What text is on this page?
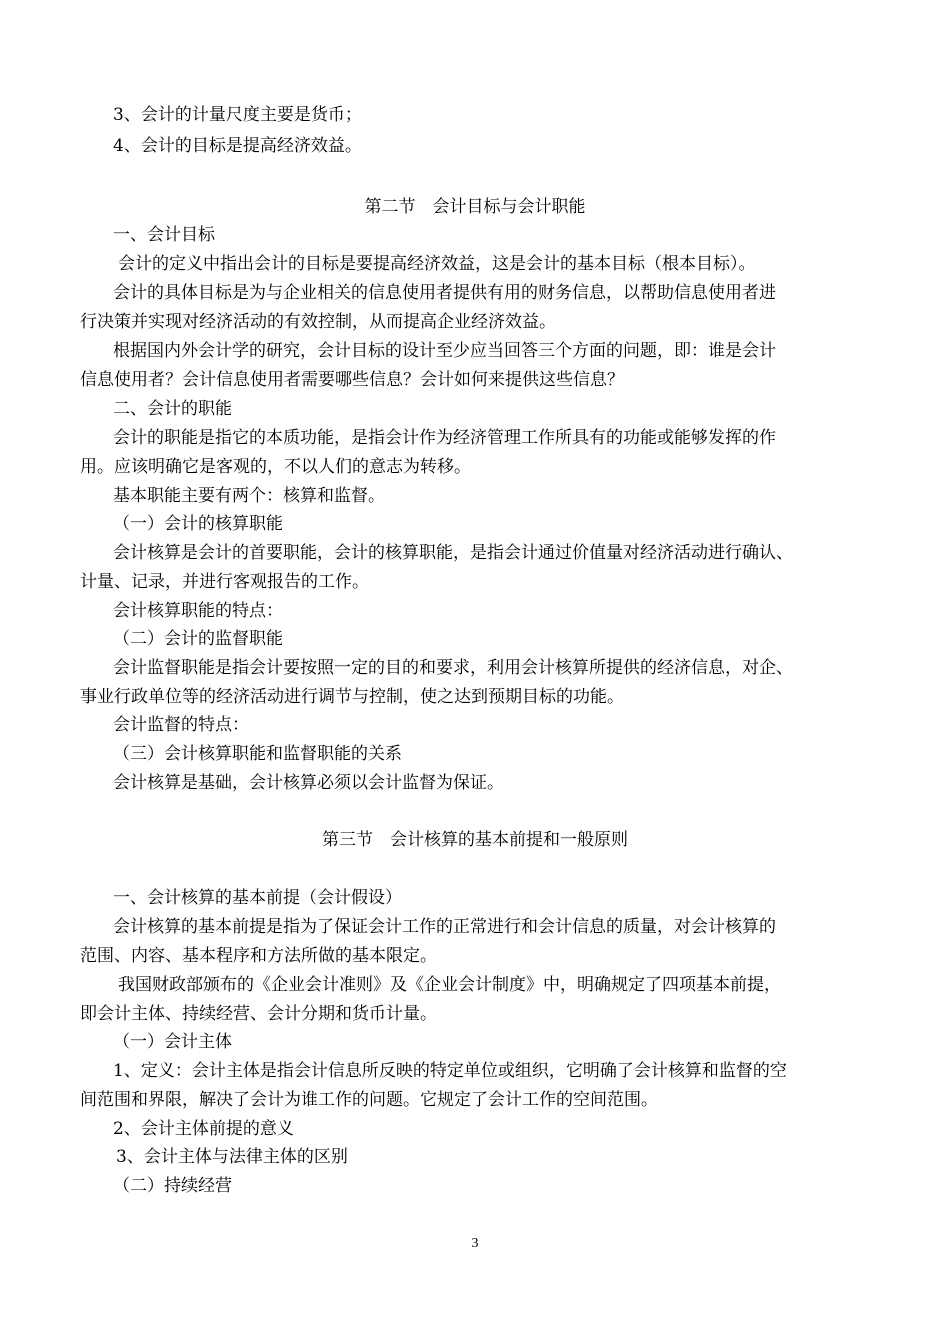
3、会计的计量尺度主要是货币；
4、会计的目标是提高经济效益。
第二节　会计目标与会计职能
一、会计目标
会计的定义中指出会计的目标是要提高经济效益，这是会计的基本目标（根本目标）。
会计的具体目标是为与企业相关的信息使用者提供有用的财务信息，以帮助信息使用者进
行决策并实现对经济活动的有效控制，从而提高企业经济效益。
根据国内外会计学的研究，会计目标的设计至少应当回答三个方面的问题，即：谁是会计
信息使用者？会计信息使用者需要哪些信息？会计如何来提供这些信息？
二、会计的职能
会计的职能是指它的本质功能，是指会计作为经济管理工作所具有的功能或能够发挥的作
用。应该明确它是客观的，不以人们的意志为转移。
基本职能主要有两个：核算和监督。
（一）会计的核算职能
会计核算是会计的首要职能，会计的核算职能，是指会计通过价值量对经济活动进行确认、
计量、记录，并进行客观报告的工作。
会计核算职能的特点：
（二）会计的监督职能
会计监督职能是指会计要按照一定的目的和要求，利用会计核算所提供的经济信息，对企、
事业行政单位等的经济活动进行调节与控制，使之达到预期目标的功能。
会计监督的特点：
（三）会计核算职能和监督职能的关系
会计核算是基础，会计核算必须以会计监督为保证。
第三节　会计核算的基本前提和一般原则
一、会计核算的基本前提（会计假设）
会计核算的基本前提是指为了保证会计工作的正常进行和会计信息的质量，对会计核算的
范围、内容、基本程序和方法所做的基本限定。
我国财政部颁布的《企业会计准则》及《企业会计制度》中，明确规定了四项基本前提，
即会计主体、持续经营、会计分期和货币计量。
（一）会计主体
1、定义：会计主体是指会计信息所反映的特定单位或组织，它明确了会计核算和监督的空
间范围和界限，解决了会计为谁工作的问题。它规定了会计工作的空间范围。
2、会计主体前提的意义
3、会计主体与法律主体的区别
（二）持续经营
3
